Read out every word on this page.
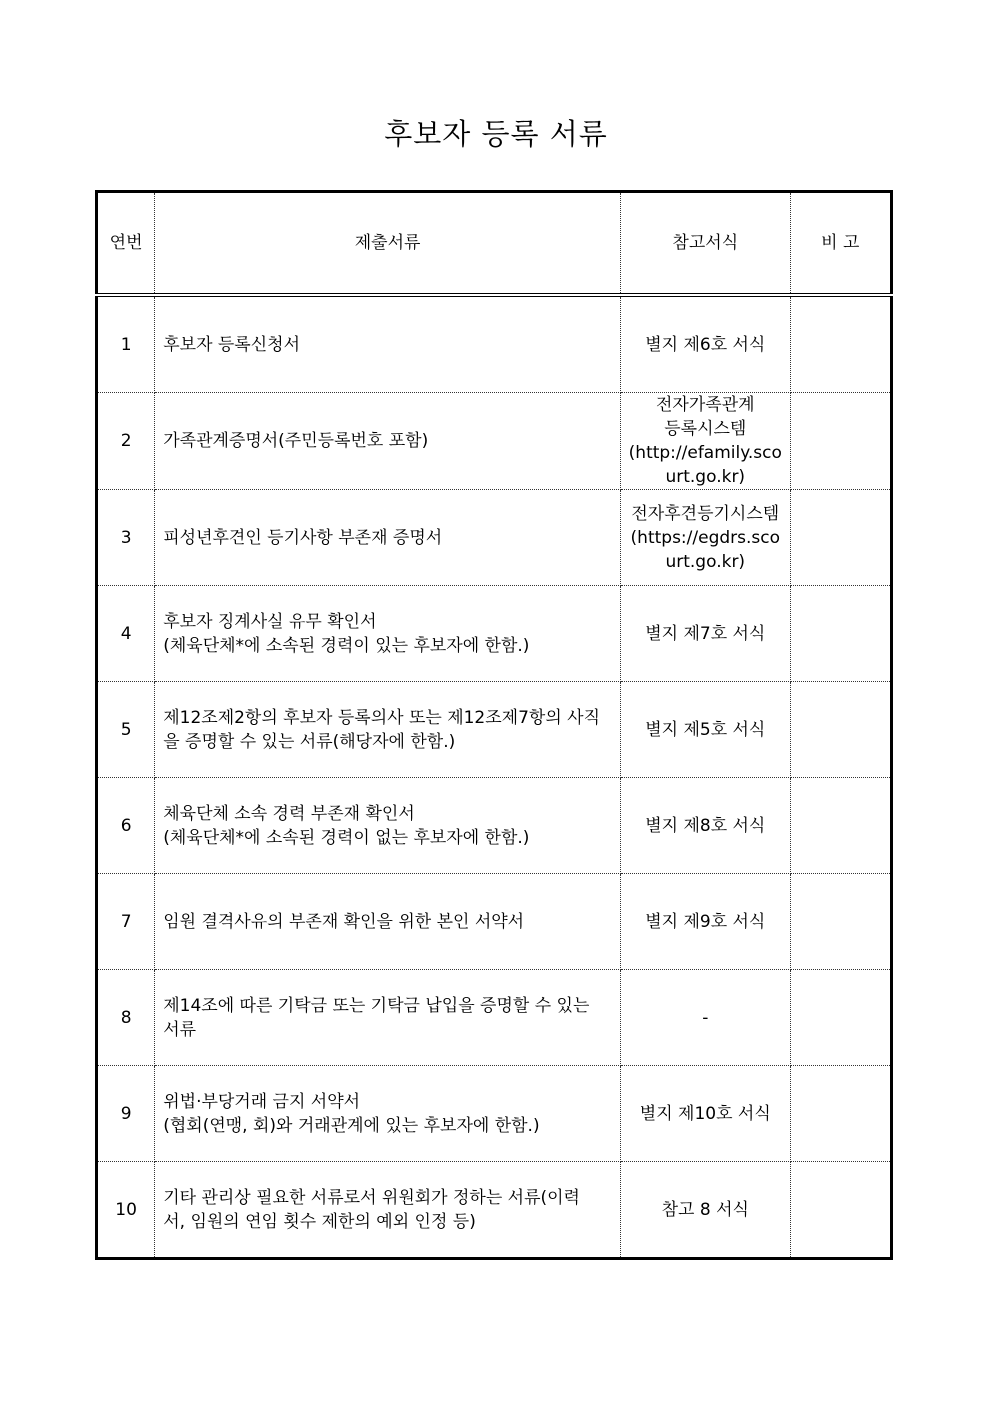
후보자 등록 서류
연번	제출서류	참고서식	비 고
1	후보자 등록신청서	별지 제6호 서식	

2	가족관계증명서(주민등록번호 포함)	전자가족관계
등록시스템
(http://efamily.sco
urt.go.kr)	

3	피성년후견인 등기사항 부존재 증명서	전자후견등기시스템
(https://egdrs.sco
urt.go.kr)	

4	후보자 징계사실 유무 확인서
(체육단체*에 소속된 경력이 있는 후보자에 한함.)	별지 제7호 서식	

5	제12조제2항의 후보자 등록의사 또는 제12조제7항의 사직
을 증명할 수 있는 서류(해당자에 한함.)	별지 제5호 서식	

6	체육단체 소속 경력 부존재 확인서
(체육단체*에 소속된 경력이 없는 후보자에 한함.)	별지 제8호 서식	

7	임원 결격사유의 부존재 확인을 위한 본인 서약서	별지 제9호 서식	

8	제14조에 따른 기탁금 또는 기탁금 납입을 증명할 수 있는
서류	-	

9	위법·부당거래 금지 서약서
(협회(연맹, 회)와 거래관계에 있는 후보자에 한함.)	별지 제10호 서식	

10	기타 관리상 필요한 서류로서 위원회가 정하는 서류(이력
서, 임원의 연임 횟수 제한의 예외 인정 등)	참고 8 서식	
